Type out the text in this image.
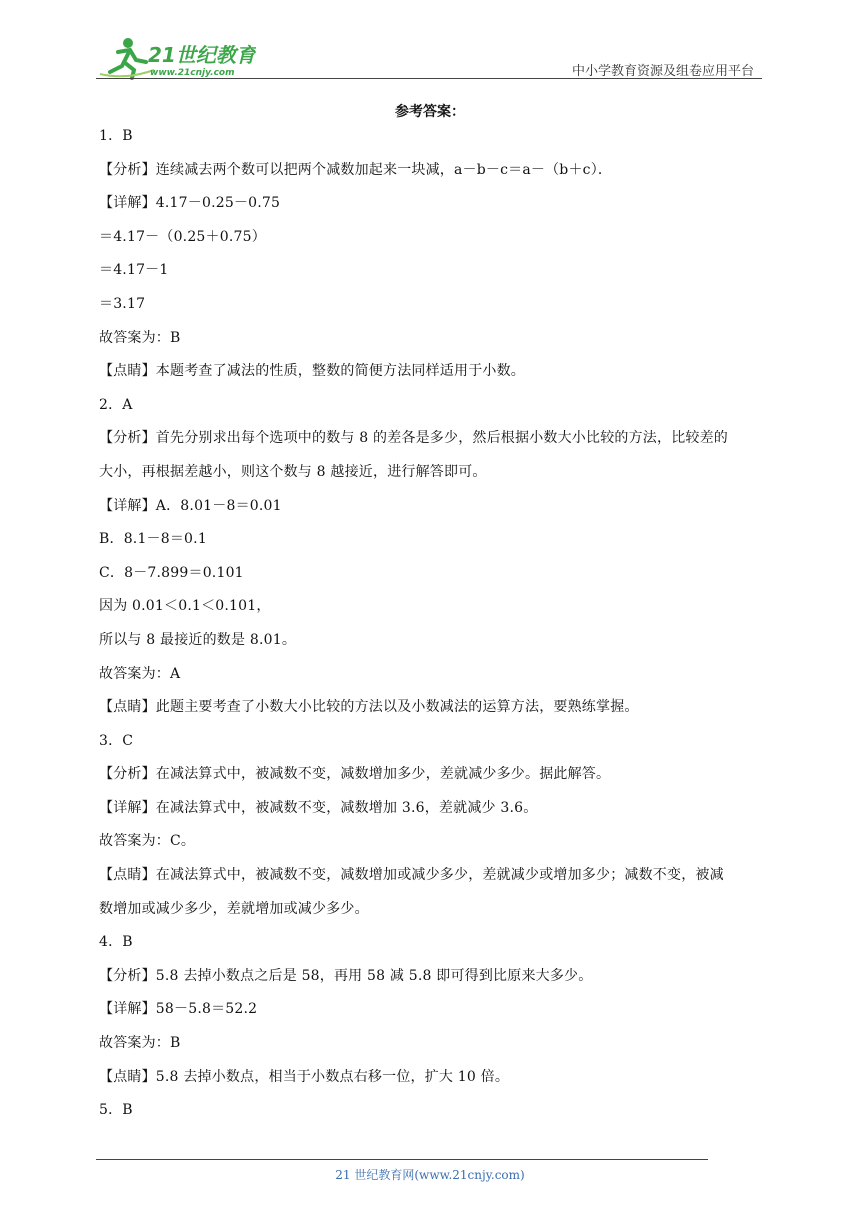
21世纪教育
www.21cnjy.com	中小学教育资源及组卷应用平台
参考答案：
1．B
【分析】连续减去两个数可以把两个减数加起来一块减，a－b－c＝a－（b＋c）．
【详解】4.17－0.25－0.75
＝4.17－（0.25＋0.75）
＝4.17－1
＝3.17
故答案为：B
【点睛】本题考查了减法的性质，整数的简便方法同样适用于小数。
2．A
【分析】首先分别求出每个选项中的数与 8 的差各是多少，然后根据小数大小比较的方法，比较差的
大小，再根据差越小，则这个数与 8 越接近，进行解答即可。
【详解】A．8.01－8＝0.01
B．8.1－8＝0.1
C．8－7.899＝0.101
因为 0.01＜0.1＜0.101，
所以与 8 最接近的数是 8.01。
故答案为：A
【点睛】此题主要考查了小数大小比较的方法以及小数减法的运算方法，要熟练掌握。
3．C
【分析】在减法算式中，被减数不变，减数增加多少，差就减少多少。据此解答。
【详解】在减法算式中，被减数不变，减数增加 3.6，差就减少 3.6。
故答案为：C。
【点睛】在减法算式中，被减数不变，减数增加或减少多少，差就减少或增加多少；减数不变，被减
数增加或减少多少，差就增加或减少多少。
4．B
【分析】5.8 去掉小数点之后是 58，再用 58 减 5.8 即可得到比原来大多少。
【详解】58－5.8＝52.2
故答案为：B
【点睛】5.8 去掉小数点，相当于小数点右移一位，扩大 10 倍。
5．B
21 世纪教育网(www.21cnjy.com)
